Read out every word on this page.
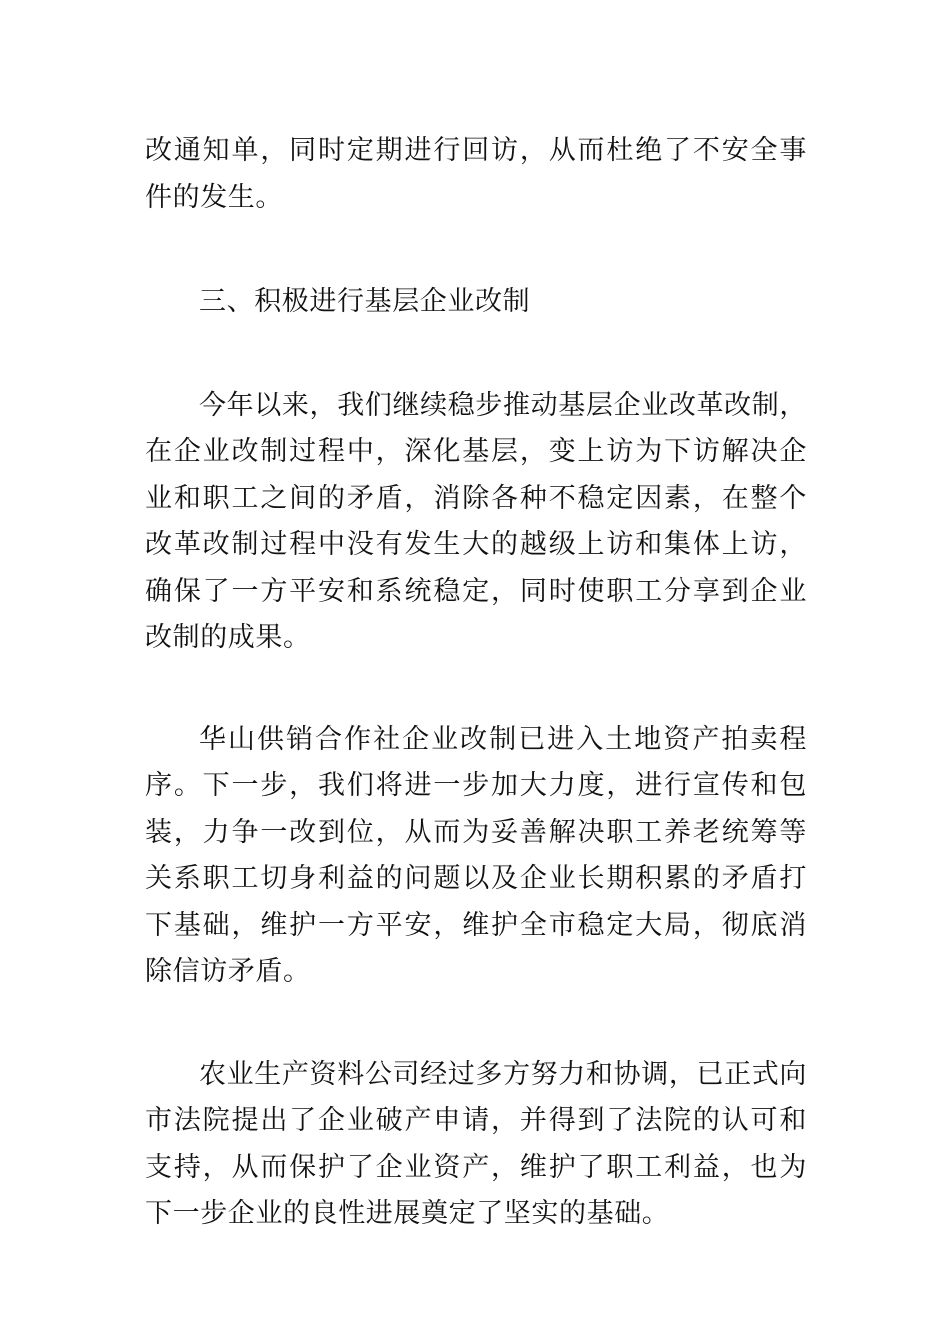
改通知单，同时定期进行回访，从而杜绝了不安全事件的发生。

三、积极进行基层企业改制

今年以来，我们继续稳步推动基层企业改革改制，在企业改制过程中，深化基层，变上访为下访解决企业和职工之间的矛盾，消除各种不稳定因素，在整个改革改制过程中没有发生大的越级上访和集体上访，确保了一方平安和系统稳定，同时使职工分享到企业改制的成果。

华山供销合作社企业改制已进入土地资产拍卖程序。下一步，我们将进一步加大力度，进行宣传和包装，力争一改到位，从而为妥善解决职工养老统筹等关系职工切身利益的问题以及企业长期积累的矛盾打下基础，维护一方平安，维护全市稳定大局，彻底消除信访矛盾。

农业生产资料公司经过多方努力和协调，已正式向市法院提出了企业破产申请，并得到了法院的认可和支持，从而保护了企业资产，维护了职工利益，也为下一步企业的良性进展奠定了坚实的基础。
